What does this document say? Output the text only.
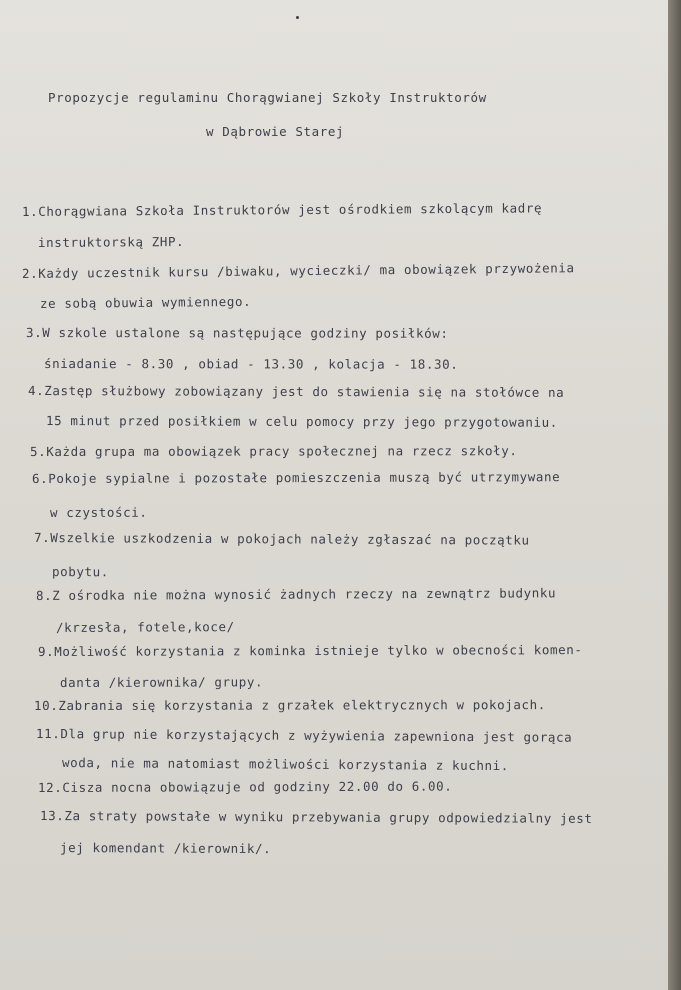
Propozycje regulaminu Chorągwianej Szkoły Instruktorów
w Dąbrowie Starej
1.Chorągwiana Szkoła Instruktorów jest ośrodkiem szkolącym kadrę
instruktorską ZHP.
2.Każdy uczestnik kursu /biwaku, wycieczki/ ma obowiązek przywożenia
ze sobą obuwia wymiennego.
3.W szkole ustalone są następujące godziny posiłków:
śniadanie - 8.30 , obiad - 13.30 , kolacja - 18.30.
4.Zastęp służbowy zobowiązany jest do stawienia się na stołówce na
15 minut przed posiłkiem w celu pomocy przy jego przygotowaniu.
5.Każda grupa ma obowiązek pracy społecznej na rzecz szkoły.
6.Pokoje sypialne i pozostałe pomieszczenia muszą być utrzymywane
w czystości.
7.Wszelkie uszkodzenia w pokojach należy zgłaszać na początku
pobytu.
8.Z ośrodka nie można wynosić żadnych rzeczy na zewnątrz budynku
/krzesła, fotele,koce/
9.Możliwość korzystania z kominka istnieje tylko w obecności komen-
danta /kierownika/ grupy.
10.Zabrania się korzystania z grzałek elektrycznych w pokojach.
11.Dla grup nie korzystających z wyżywienia zapewniona jest gorąca
woda, nie ma natomiast możliwości korzystania z kuchni.
12.Cisza nocna obowiązuje od godziny 22.00 do 6.00.
13.Za straty powstałe w wyniku przebywania grupy odpowiedzialny jest
jej komendant /kierownik/.
